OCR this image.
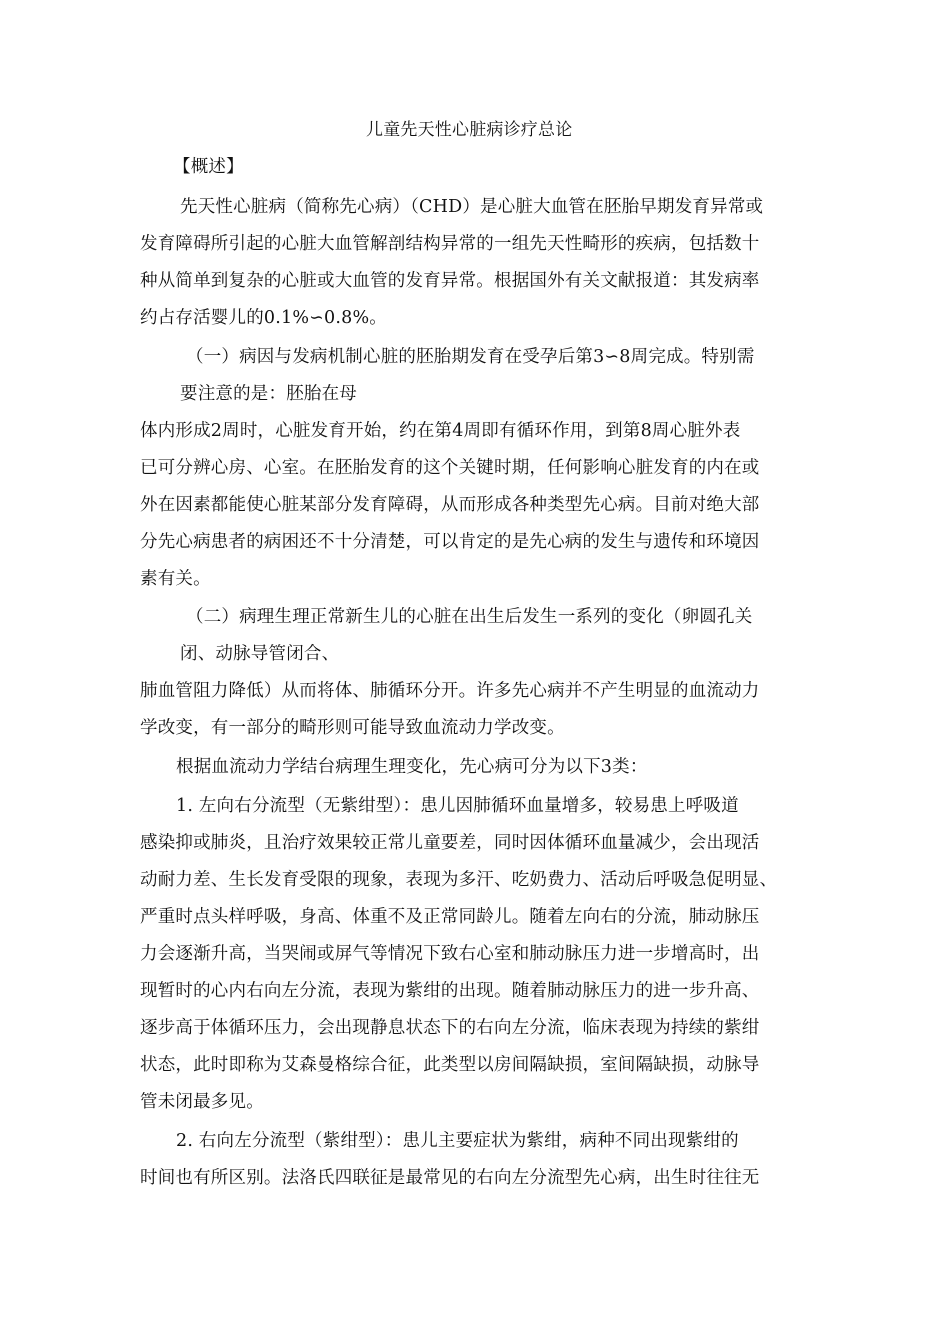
儿童先天性心脏病诊疗总论
【概述】
先天性心脏病（简称先心病）（CHD）是心脏大血管在胚胎早期发育异常或
发育障碍所引起的心脏大血管解剖结构异常的一组先天性畸形的疾病，包括数十
种从简单到复杂的心脏或大血管的发育异常。根据国外有关文献报道：其发病率
约占存活婴儿的0.1%∽0.8%。
（一）病因与发病机制心脏的胚胎期发育在受孕后第3∽8周完成。特别需
要注意的是：胚胎在母
体内形成2周时，心脏发育开始，约在第4周即有循环作用，到第8周心脏外表
已可分辨心房、心室。在胚胎发育的这个关键时期，任何影响心脏发育的内在或
外在因素都能使心脏某部分发育障碍，从而形成各种类型先心病。目前对绝大部
分先心病患者的病困还不十分清楚，可以肯定的是先心病的发生与遗传和环境因
素有关。
（二）病理生理正常新生儿的心脏在出生后发生一系列的变化（卵圆孔关
闭、动脉导管闭合、
肺血管阻力降低）从而将体、肺循环分开。许多先心病并不产生明显的血流动力
学改变，有一部分的畸形则可能导致血流动力学改变。
根据血流动力学结台病理生理变化，先心病可分为以下3类：
1. 左向右分流型（无紫绀型）：患儿因肺循环血量增多，较易患上呼吸道
感染抑或肺炎，且治疗效果较正常儿童要差，同时因体循环血量减少，会出现活
动耐力差、生长发育受限的现象，表现为多汗、吃奶费力、活动后呼吸急促明显、
严重时点头样呼吸，身高、体重不及正常同龄儿。随着左向右的分流，肺动脉压
力会逐渐升高，当哭闹或屏气等情况下致右心室和肺动脉压力进一步增高时，出
现暂时的心内右向左分流，表现为紫绀的出现。随着肺动脉压力的进一步升高、
逐步高于体循环压力，会出现静息状态下的右向左分流，临床表现为持续的紫绀
状态，此时即称为艾森曼格综合征，此类型以房间隔缺损，室间隔缺损，动脉导
管未闭最多见。
2. 右向左分流型（紫绀型）：患儿主要症状为紫绀，病种不同出现紫绀的
时间也有所区别。法洛氏四联征是最常见的右向左分流型先心病，出生时往往无
